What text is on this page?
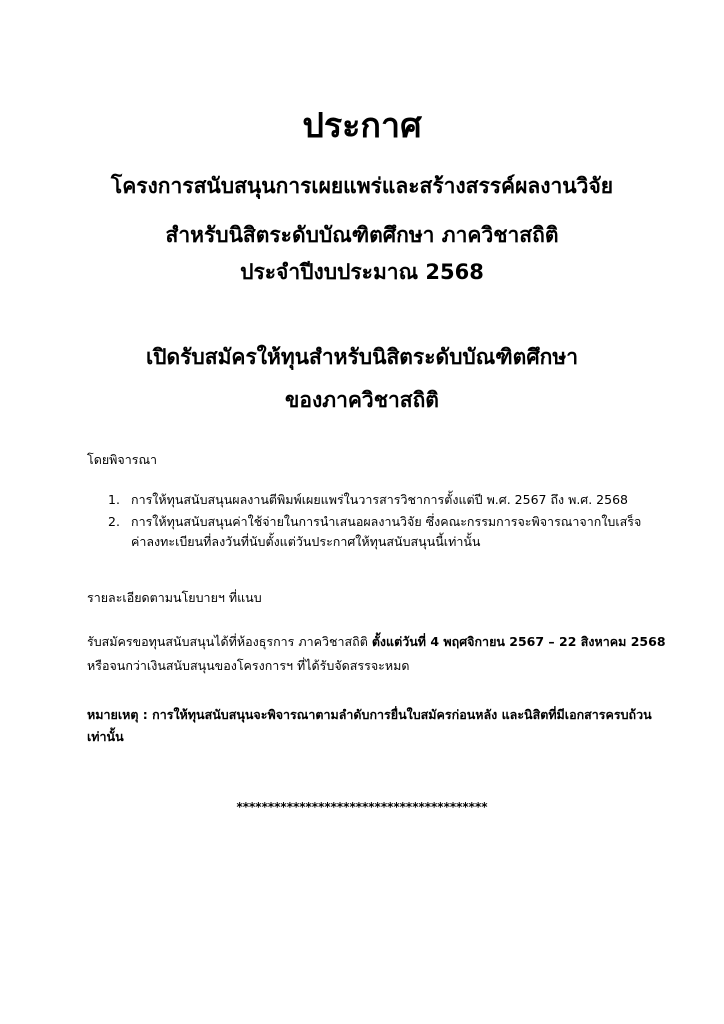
ประกาศ

โครงการสนับสนุนการเผยแพร่และสร้างสรรค์ผลงานวิจัย

สำหรับนิสิตระดับบัณฑิตศึกษา ภาควิชาสถิติ

ประจำปีงบประมาณ 2568

เปิดรับสมัครให้ทุนสำหรับนิสิตระดับบัณฑิตศึกษา

ของภาควิชาสถิติ

โดยพิจารณา

1. การให้ทุนสนับสนุนผลงานตีพิมพ์เผยแพร่ในวารสารวิชาการตั้งแต่ปี พ.ศ. 2567 ถึง พ.ศ. 2568
2. การให้ทุนสนับสนุนค่าใช้จ่ายในการนำเสนอผลงานวิจัย ซึ่งคณะกรรมการจะพิจารณาจากใบเสร็จ
ค่าลงทะเบียนที่ลงวันที่นับตั้งแต่วันประกาศให้ทุนสนับสนุนนี้เท่านั้น

รายละเอียดตามนโยบายฯ ที่แนบ

รับสมัครขอทุนสนับสนุนได้ที่ห้องธุรการ ภาควิชาสถิติ ตั้งแต่วันที่ 4 พฤศจิกายน 2567 – 22 สิงหาคม 2568

หรือจนกว่าเงินสนับสนุนของโครงการฯ ที่ได้รับจัดสรรจะหมด

หมายเหตุ : การให้ทุนสนับสนุนจะพิจารณาตามลำดับการยื่นใบสมัครก่อนหลัง และนิสิตที่มีเอกสารครบถ้วน

เท่านั้น

****************************************
